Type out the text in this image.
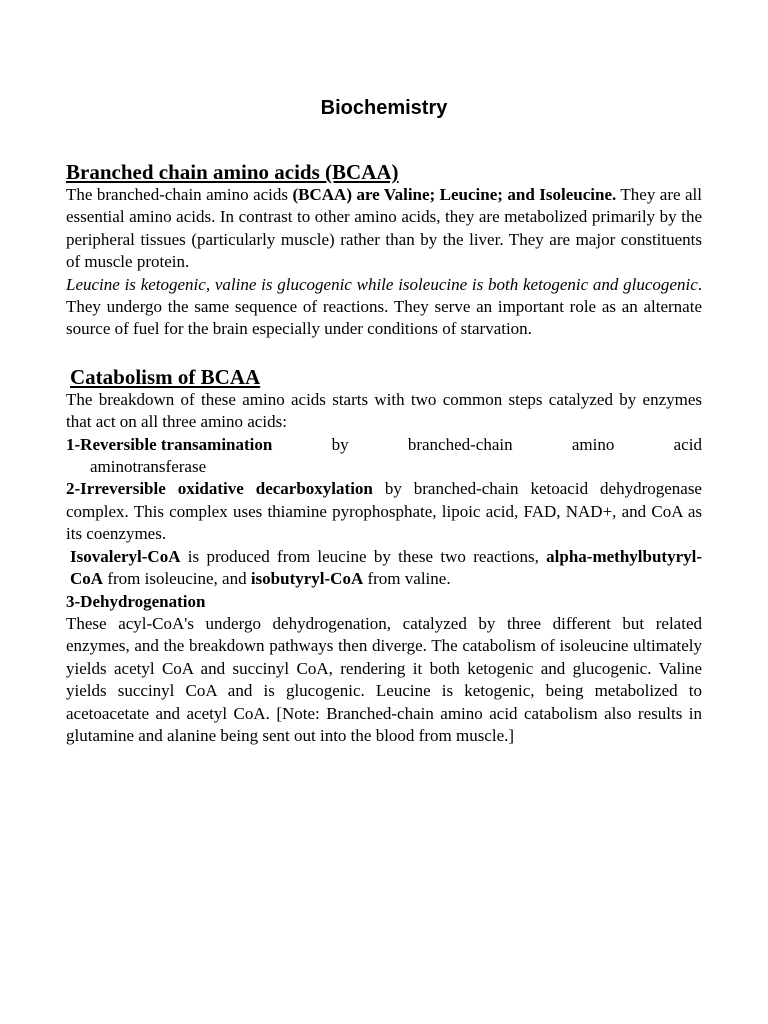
Biochemistry
Branched chain amino acids (BCAA)

The branched-chain amino acids (BCAA) are Valine; Leucine; and Isoleucine. They are all essential amino acids. In contrast to other amino acids, they are metabolized primarily by the peripheral tissues (particularly muscle) rather than by the liver. They are major constituents of muscle protein.

Leucine is ketogenic, valine is glucogenic while isoleucine is both ketogenic and glucogenic. They undergo the same sequence of reactions. They serve an important role as an alternate source of fuel for the brain especially under conditions of starvation.

Catabolism of BCAA

The breakdown of these amino acids starts with two common steps catalyzed by enzymes that act on all three amino acids:

1-Reversible transamination	by	branched-chain	amino	acid
aminotransferase

2-Irreversible oxidative decarboxylation by branched-chain ketoacid dehydrogenase complex. This complex uses thiamine pyrophosphate, lipoic acid, FAD, NAD+, and CoA as its coenzymes.

Isovaleryl-CoA is produced from leucine by these two reactions, alpha-methylbutyryl-CoA from isoleucine, and isobutyryl-CoA from valine.

3-Dehydrogenation

These acyl-CoA's undergo dehydrogenation, catalyzed by three different but related enzymes, and the breakdown pathways then diverge. The catabolism of isoleucine ultimately yields acetyl CoA and succinyl CoA, rendering it both ketogenic and glucogenic. Valine yields succinyl CoA and is glucogenic. Leucine is ketogenic, being metabolized to acetoacetate and acetyl CoA. [Note: Branched-chain amino acid catabolism also results in glutamine and alanine being sent out into the blood from muscle.]
